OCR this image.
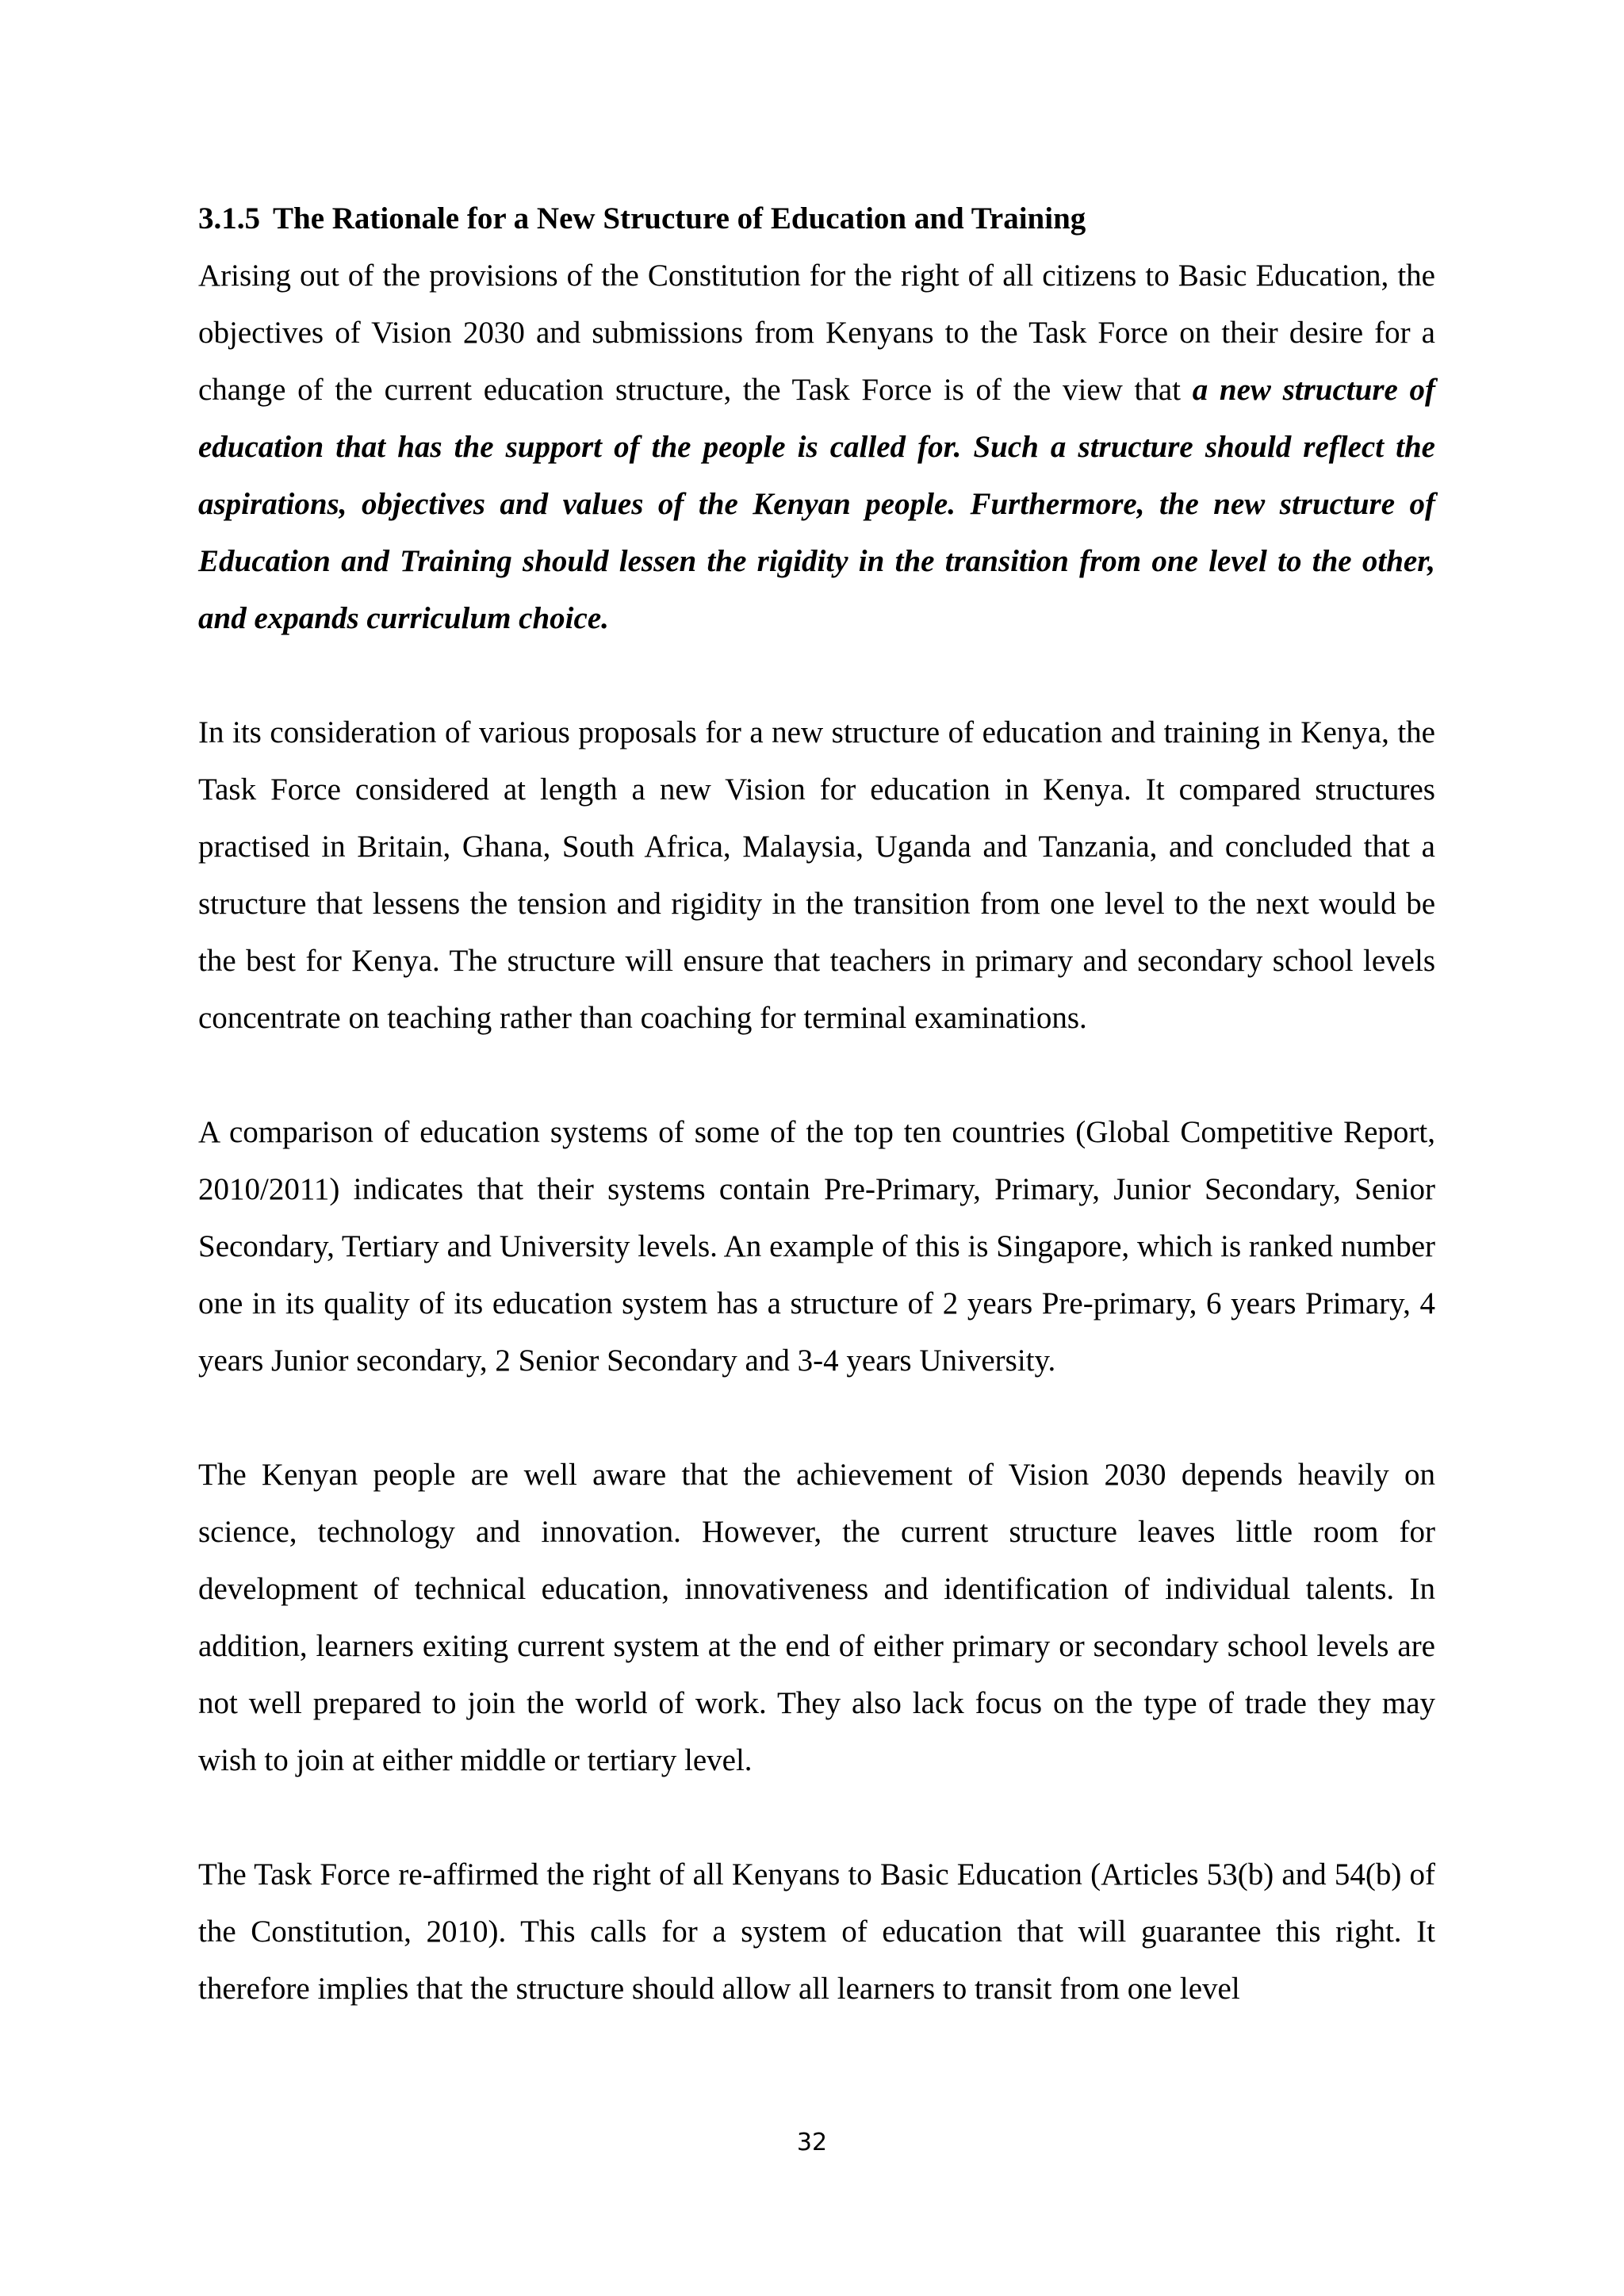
3.1.5 The Rationale for a New Structure of Education and Training

Arising out of the provisions of the Constitution for the right of all citizens to Basic Education, the objectives of Vision 2030 and submissions from Kenyans to the Task Force on their desire for a change of the current education structure, the Task Force is of the view that a new structure of education that has the support of the people is called for. Such a structure should reflect the aspirations, objectives and values of the Kenyan people. Furthermore, the new structure of Education and Training should lessen the rigidity in the transition from one level to the other, and expands curriculum choice.

In its consideration of various proposals for a new structure of education and training in Kenya, the Task Force considered at length a new Vision for education in Kenya. It compared structures practised in Britain, Ghana, South Africa, Malaysia, Uganda and Tanzania, and concluded that a structure that lessens the tension and rigidity in the transition from one level to the next would be the best for Kenya. The structure will ensure that teachers in primary and secondary school levels concentrate on teaching rather than coaching for terminal examinations.

A comparison of education systems of some of the top ten countries (Global Competitive Report, 2010/2011) indicates that their systems contain Pre-Primary, Primary, Junior Secondary, Senior Secondary, Tertiary and University levels. An example of this is Singapore, which is ranked number one in its quality of its education system has a structure of 2 years Pre-primary, 6 years Primary, 4 years Junior secondary, 2 Senior Secondary and 3-4 years University.

The Kenyan people are well aware that the achievement of Vision 2030 depends heavily on science, technology and innovation. However, the current structure leaves little room for development of technical education, innovativeness and identification of individual talents. In addition, learners exiting current system at the end of either primary or secondary school levels are not well prepared to join the world of work. They also lack focus on the type of trade they may wish to join at either middle or tertiary level.

The Task Force re-affirmed the right of all Kenyans to Basic Education (Articles 53(b) and 54(b) of the Constitution, 2010). This calls for a system of education that will guarantee this right. It therefore implies that the structure should allow all learners to transit from one level

32
